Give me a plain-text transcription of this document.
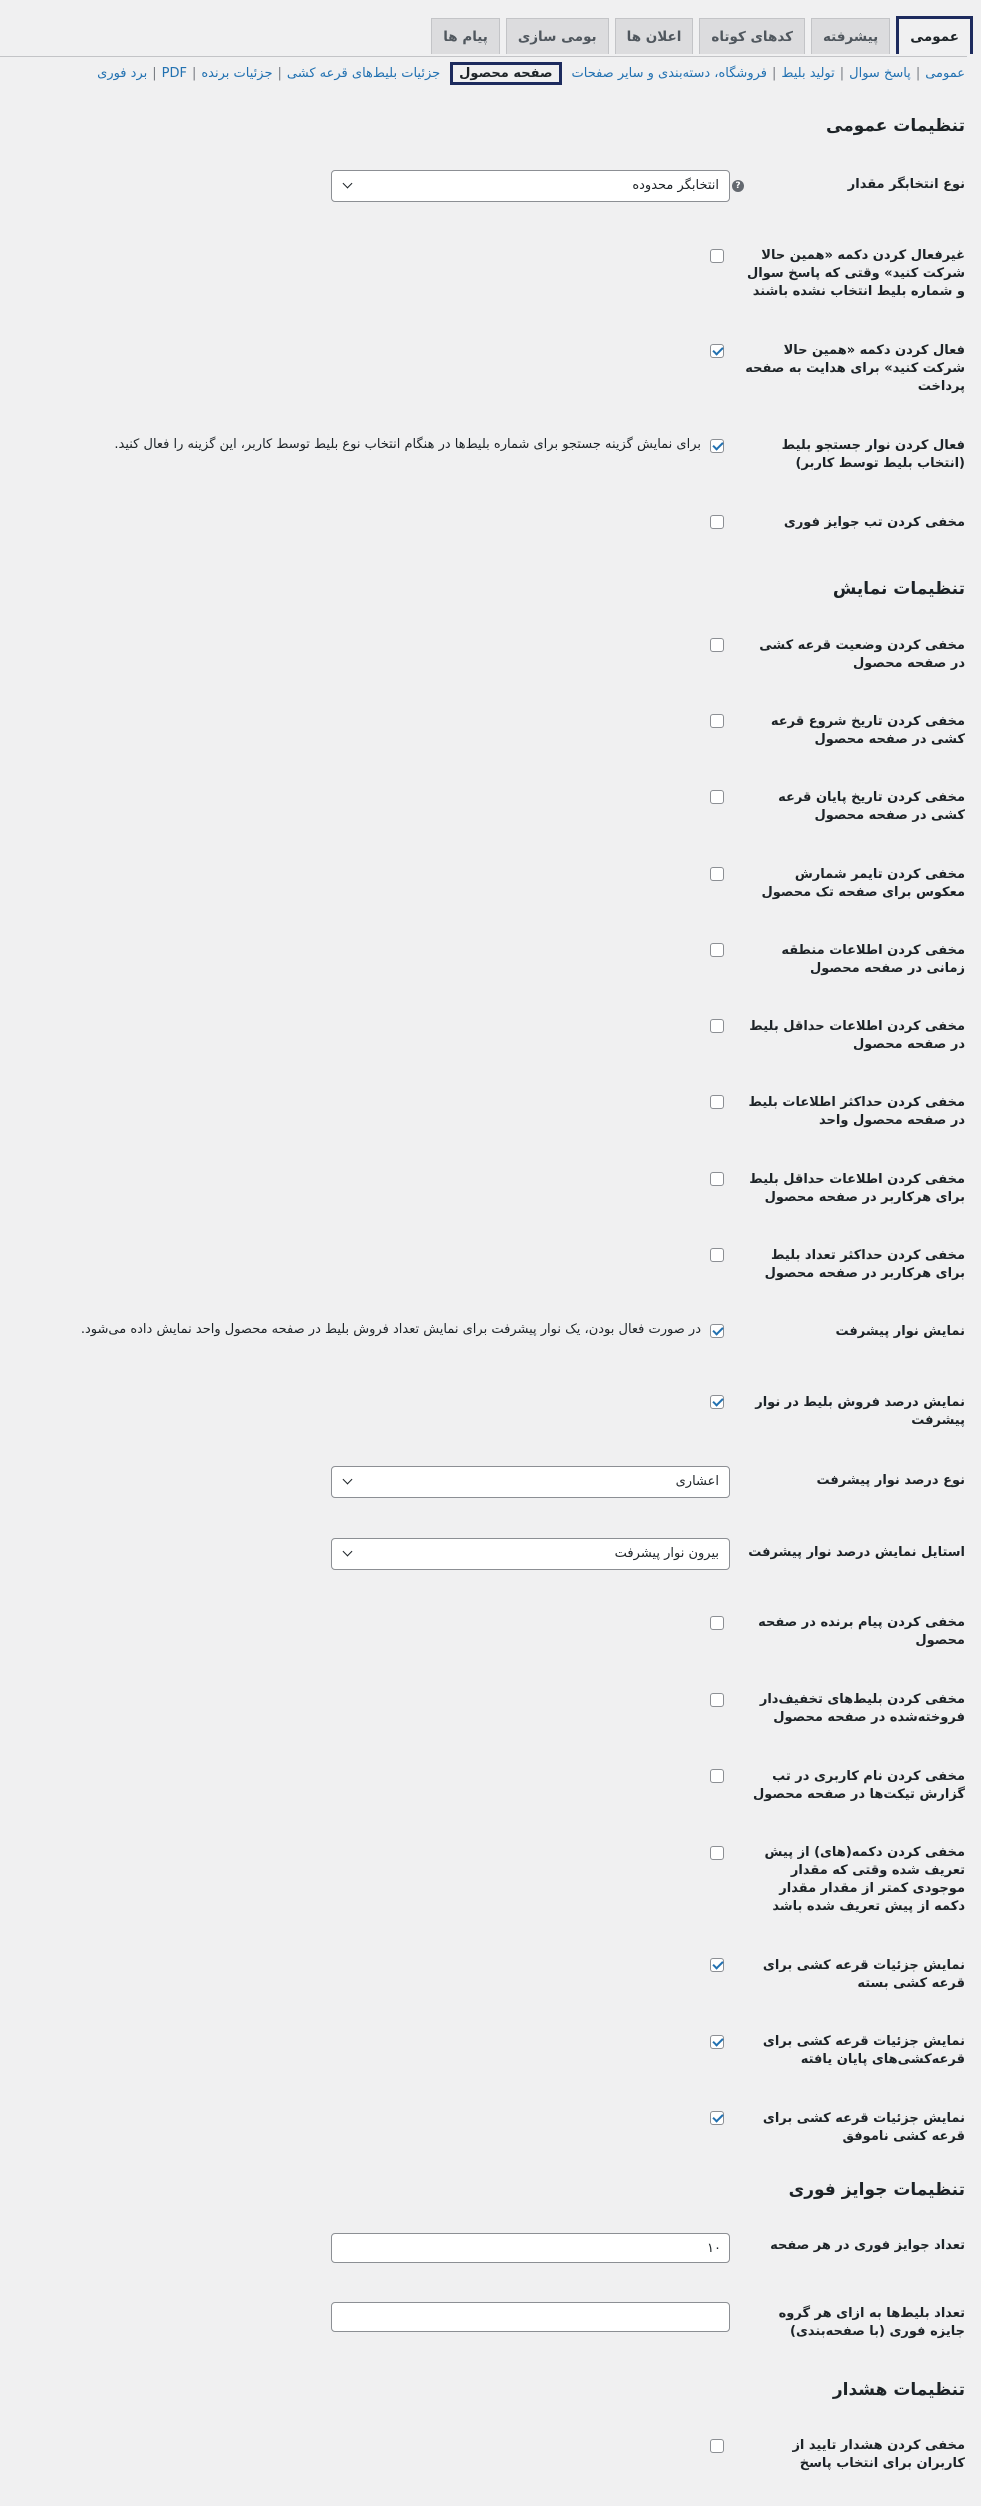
عمومی
پیشرفته
کدهای کوتاه
اعلان ها
بومی سازی
پیام ها
عمومی
|
پاسخ سوال
|
تولید بلیط
|
فروشگاه، دسته‌بندی و سایر صفحات
صفحه محصول
جزئیات بلیط‌های قرعه کشی
|
جزئیات برنده
|
PDF
|
برد فوری
تنظیمات عمومی
نوع انتخابگر مقدار
?
انتخابگر محدوده
غیرفعال کردن دکمه «همین حالا شرکت کنید» وقتی که پاسخ سوال و شماره بلیط انتخاب نشده باشند
فعال کردن دکمه «همین حالا شرکت کنید» برای هدایت به صفحه پرداخت
فعال کردن نوار جستجو بلیط (انتخاب بلیط توسط کاربر)
برای نمایش گزینه جستجو برای شماره بلیط‌ها در هنگام انتخاب نوع بلیط توسط کاربر، این گزینه را فعال کنید.
مخفی کردن تب جوایز فوری
تنظیمات نمایش
مخفی کردن وضعیت قرعه کشی در صفحه محصول
مخفی کردن تاریخ شروع قرعه کشی در صفحه محصول
مخفی کردن تاریخ پایان قرعه کشی در صفحه محصول
مخفی کردن تایمر شمارش معکوس برای صفحه تک محصول
مخفی کردن اطلاعات منطقه زمانی در صفحه محصول
مخفی کردن اطلاعات حداقل بلیط در صفحه محصول
مخفی کردن حداکثر اطلاعات بلیط در صفحه محصول واحد
مخفی کردن اطلاعات حداقل بلیط برای هرکاربر در صفحه محصول
مخفی کردن حداکثر تعداد بلیط برای هرکاربر در صفحه محصول
نمایش نوار پیشرفت
در صورت فعال بودن، یک نوار پیشرفت برای نمایش تعداد فروش بلیط در صفحه محصول واحد نمایش داده می‌شود.
نمایش درصد فروش بلیط در نوار پیشرفت
نوع درصد نوار پیشرفت
اعشاری
استایل نمایش درصد نوار پیشرفت
بیرون نوار پیشرفت
مخفی کردن پیام برنده در صفحه محصول
مخفی کردن بلیط‌های تخفیف‌دار فروخته‌شده در صفحه محصول
مخفی کردن نام کاربری در تب گزارش تیکت‌ها در صفحه محصول
مخفی کردن دکمه(های) از پیش تعریف شده وقتی که مقدار موجودی کمتر از مقدار مقدار دکمه از پیش تعریف شده باشد
نمایش جزئیات قرعه کشی برای قرعه کشی بسته
نمایش جزئیات قرعه کشی برای قرعه‌کشی‌های پایان یافته
نمایش جزئیات قرعه کشی برای قرعه کشی ناموفق
تنظیمات جوایز فوری
تعداد جوایز فوری در هر صفحه
۱۰
تعداد بلیط‌ها به ازای هر گروه جایزه فوری (با صفحه‌بندی)
تنظیمات هشدار
مخفی کردن هشدار تایید از کاربران برای انتخاب پاسخ
